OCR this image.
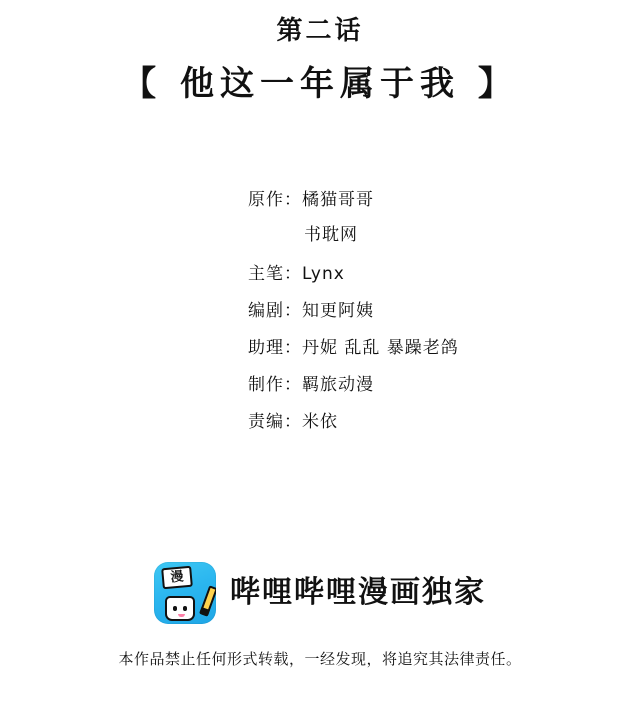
第二话
【 他这一年属于我 】
原作 ： 橘猫哥哥
书耽网
主笔 ： Lynx
编剧 ： 知更阿姨
助理 ： 丹妮 乱乱 暴躁老鸽
制作 ： 羁旅动漫
责编 ： 米依
漫 哔哩哔哩漫画独家
本作品禁止任何形式转载，一经发现，将追究其法律责任。
